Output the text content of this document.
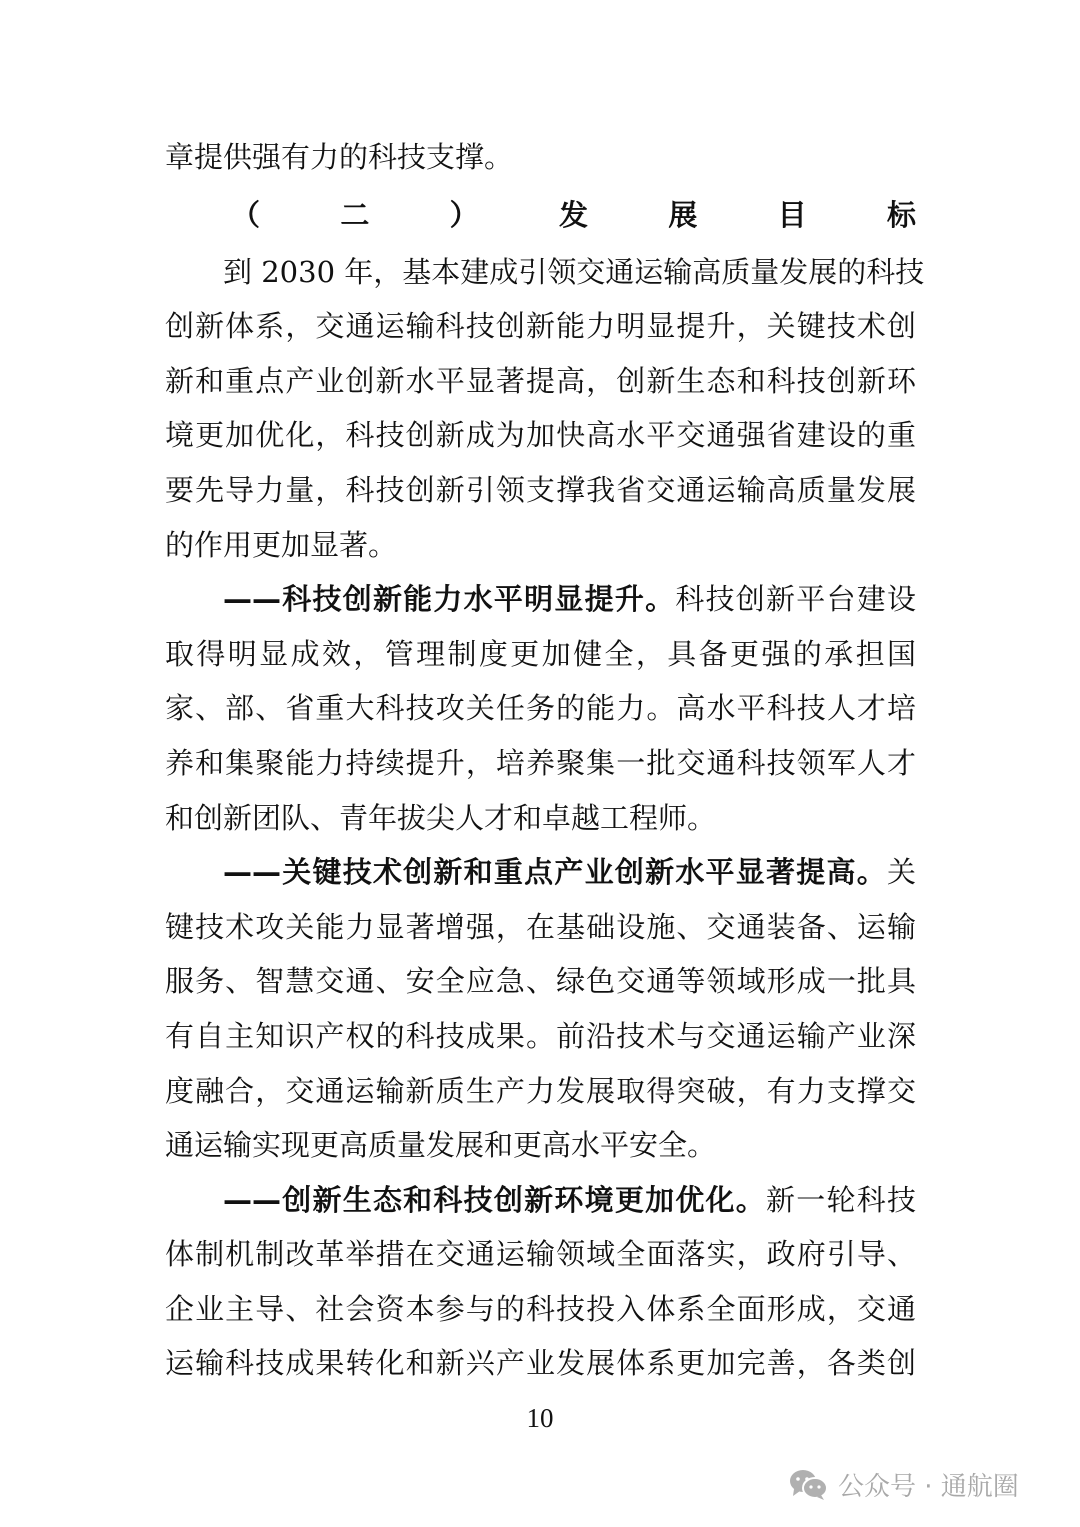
章提供强有力的科技支撑。
（二）发展目标
到 2030 年，基本建成引领交通运输高质量发展的科技
创新体系，交通运输科技创新能力明显提升，关键技术创
新和重点产业创新水平显著提高，创新生态和科技创新环
境更加优化，科技创新成为加快高水平交通强省建设的重
要先导力量，科技创新引领支撑我省交通运输高质量发展
的作用更加显著。
——科技创新能力水平明显提升。科技创新平台建设
取得明显成效，管理制度更加健全，具备更强的承担国
家、部、省重大科技攻关任务的能力。高水平科技人才培
养和集聚能力持续提升，培养聚集一批交通科技领军人才
和创新团队、青年拔尖人才和卓越工程师。
——关键技术创新和重点产业创新水平显著提高。关
键技术攻关能力显著增强，在基础设施、交通装备、运输
服务、智慧交通、安全应急、绿色交通等领域形成一批具
有自主知识产权的科技成果。前沿技术与交通运输产业深
度融合，交通运输新质生产力发展取得突破，有力支撑交
通运输实现更高质量发展和更高水平安全。
——创新生态和科技创新环境更加优化。新一轮科技
体制机制改革举措在交通运输领域全面落实，政府引导、
企业主导、社会资本参与的科技投入体系全面形成，交通
运输科技成果转化和新兴产业发展体系更加完善，各类创
10
公众号 · 通航圈
